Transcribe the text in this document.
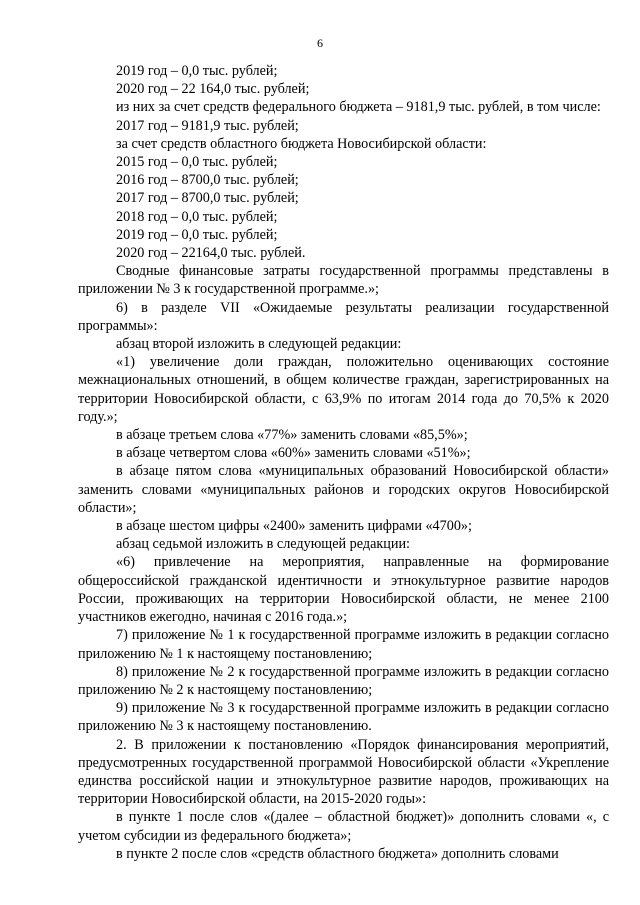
6

2019 год – 0,0 тыс. рублей;

2020 год – 22 164,0 тыс. рублей;

из них за счет средств федерального бюджета – 9181,9 тыс. рублей, в том числе:

2017 год – 9181,9 тыс. рублей;

за счет средств областного бюджета Новосибирской области:

2015 год – 0,0 тыс. рублей;

2016 год – 8700,0 тыс. рублей;

2017 год – 8700,0 тыс. рублей;

2018 год – 0,0 тыс. рублей;

2019 год – 0,0 тыс. рублей;

2020 год – 22164,0 тыс. рублей.

Сводные финансовые затраты государственной программы представлены в приложении № 3 к государственной программе.»;

6) в разделе VII «Ожидаемые результаты реализации государственной программы»:

абзац второй изложить в следующей редакции:

«1) увеличение доли граждан, положительно оценивающих состояние межнациональных отношений, в общем количестве граждан, зарегистрированных на территории Новосибирской области, с 63,9% по итогам 2014 года до 70,5% к 2020 году.»;

в абзаце третьем слова «77%» заменить словами «85,5%»;

в абзаце четвертом слова «60%» заменить словами «51%»;

в абзаце пятом слова «муниципальных образований Новосибирской области» заменить словами «муниципальных районов и городских округов Новосибирской области»;

в абзаце шестом цифры «2400» заменить цифрами «4700»;

абзац седьмой изложить в следующей редакции:

«6) привлечение на мероприятия, направленные на формирование общероссийской гражданской идентичности и этнокультурное развитие народов России, проживающих на территории Новосибирской области, не менее 2100 участников ежегодно, начиная с 2016 года.»;

7) приложение № 1 к государственной программе изложить в редакции согласно приложению № 1 к настоящему постановлению;

8) приложение № 2 к государственной программе изложить в редакции согласно приложению № 2 к настоящему постановлению;

9) приложение № 3 к государственной программе изложить в редакции согласно приложению № 3 к настоящему постановлению.

2. В приложении к постановлению «Порядок финансирования мероприятий, предусмотренных государственной программой Новосибирской области «Укрепление единства российской нации и этнокультурное развитие народов, проживающих на территории Новосибирской области, на 2015-2020 годы»:

в пункте 1 после слов «(далее – областной бюджет)» дополнить словами «, с учетом субсидии из федерального бюджета»;

в пункте 2 после слов «средств областного бюджета» дополнить словами
